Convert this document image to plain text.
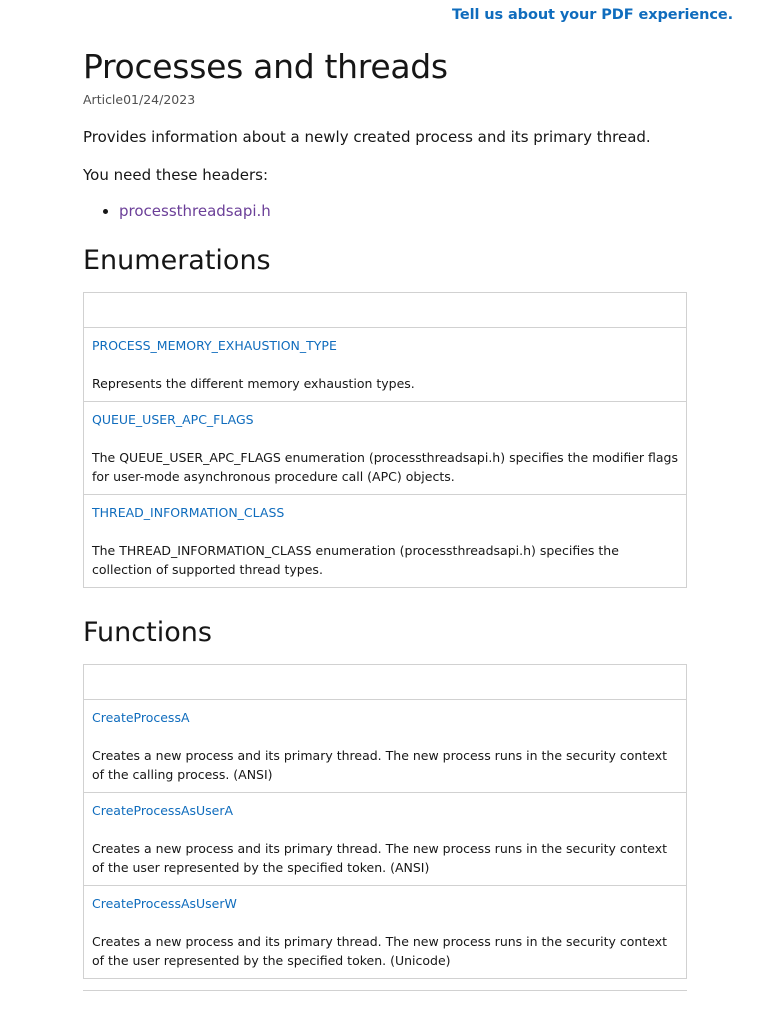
Tell us about your PDF experience.
Processes and threads
Article01/24/2023

Provides information about a newly created process and its primary thread.

You need these headers:

• processthreadsapi.h
Enumerations

PROCESS_MEMORY_EXHAUSTION_TYPE
Represents the different memory exhaustion types.

QUEUE_USER_APC_FLAGS
The QUEUE_USER_APC_FLAGS enumeration (processthreadsapi.h) specifies the modifier flags for user-mode asynchronous procedure call (APC) objects.

THREAD_INFORMATION_CLASS
The THREAD_INFORMATION_CLASS enumeration (processthreadsapi.h) specifies the collection of supported thread types.
Functions

CreateProcessA
Creates a new process and its primary thread. The new process runs in the security context of the calling process. (ANSI)

CreateProcessAsUserA
Creates a new process and its primary thread. The new process runs in the security context of the user represented by the specified token. (ANSI)

CreateProcessAsUserW
Creates a new process and its primary thread. The new process runs in the security context of the user represented by the specified token. (Unicode)
